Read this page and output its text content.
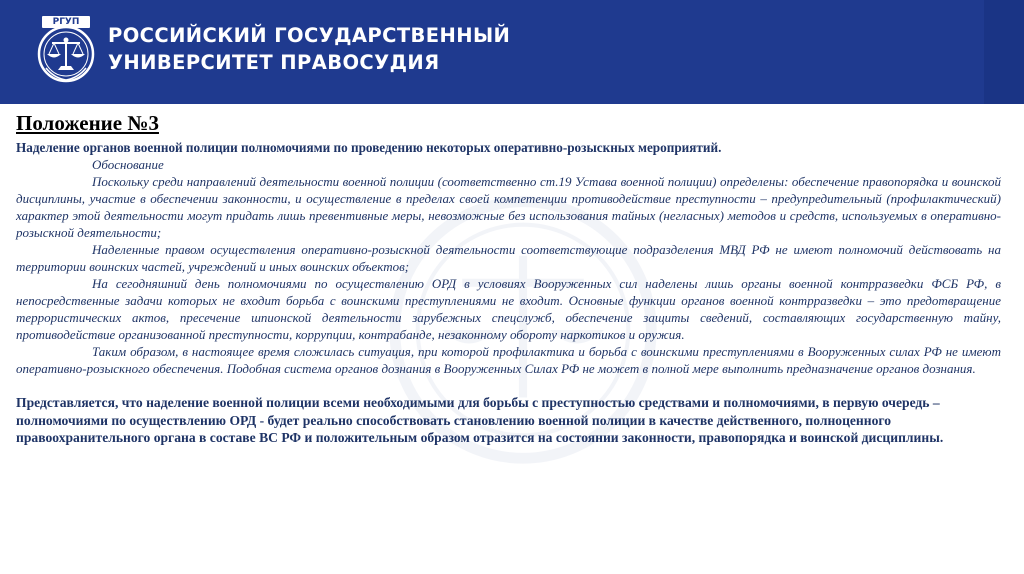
РГУП
РОССИЙСКИЙ ГОСУДАРСТВЕННЫЙ
УНИВЕРСИТЕТ ПРАВОСУДИЯ
Положение №3

Наделение органов военной полиции полномочиями по проведению некоторых оперативно-розыскных мероприятий.

Обоснование

Поскольку среди направлений деятельности военной полиции (соответственно ст.19 Устава военной полиции) определены: обеспечение правопорядка и воинской дисциплины, участие в обеспечении законности, и осуществление в пределах своей компетенции противодействие преступности – предупредительный (профилактический) характер этой деятельности могут придать лишь превентивные меры, невозможные без использования тайных (негласных) методов и средств, используемых в оперативно-розыскной деятельности;

Наделенные правом осуществления оперативно-розыскной деятельности соответствующие подразделения МВД РФ не имеют полномочий действовать на территории воинских частей, учреждений и иных воинских объектов;

На сегодняшний день полномочиями по осуществлению ОРД в условиях Вооруженных сил наделены лишь органы военной контрразведки ФСБ РФ, в непосредственные задачи которых не входит борьба с воинскими преступлениями не входит. Основные функции органов военной контрразведки – это предотвращение террористических актов, пресечение шпионской деятельности зарубежных спецслужб, обеспечение защиты сведений, составляющих государственную тайну, противодействие организованной преступности, коррупции, контрабанде, незаконному обороту наркотиков и оружия.

Таким образом, в настоящее время сложилась ситуация, при которой профилактика и борьба с воинскими преступлениями в Вооруженных силах РФ не имеют оперативно-розыскного обеспечения. Подобная система органов дознания в Вооруженных Силах РФ не может в полной мере выполнить предназначение органов дознания.

Представляется, что наделение военной полиции всеми необходимыми для борьбы с преступностью средствами и полномочиями, в первую очередь – полномочиями по осуществлению ОРД - будет реально способствовать становлению военной полиции в качестве действенного, полноценного правоохранительного органа в составе ВС РФ и положительным образом отразится на состоянии законности, правопорядка и воинской дисциплины.
